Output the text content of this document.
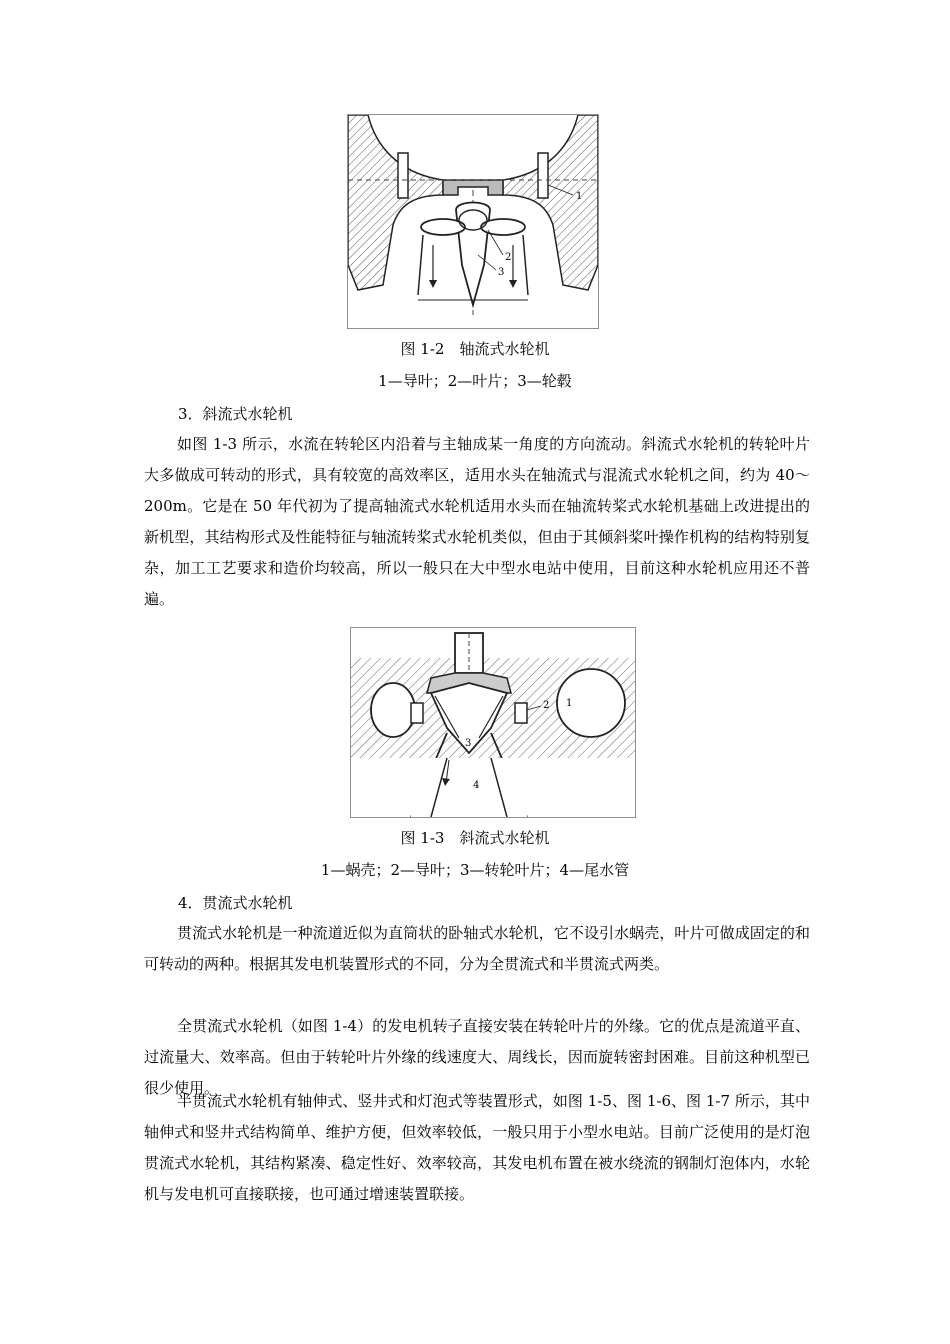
1
2
3
图 1-2　轴流式水轮机
1—导叶；2—叶片；3—轮毂
3．斜流式水轮机
如图 1-3 所示，水流在转轮区内沿着与主轴成某一角度的方向流动。斜流式水轮机的转轮叶片大多做成可转动的形式，具有较宽的高效率区，适用水头在轴流式与混流式水轮机之间，约为 40～200m。它是在 50 年代初为了提高轴流式水轮机适用水头而在轴流转桨式水轮机基础上改进提出的新机型，其结构形式及性能特征与轴流转桨式水轮机类似，但由于其倾斜桨叶操作机构的结构特别复杂，加工工艺要求和造价均较高，所以一般只在大中型水电站中使用，目前这种水轮机应用还不普遍。
1
2
3
4
图 1-3　斜流式水轮机
1—蜗壳；2—导叶；3—转轮叶片；4—尾水管
4．贯流式水轮机
贯流式水轮机是一种流道近似为直筒状的卧轴式水轮机，它不设引水蜗壳，叶片可做成固定的和可转动的两种。根据其发电机装置形式的不同，分为全贯流式和半贯流式两类。
全贯流式水轮机（如图 1-4）的发电机转子直接安装在转轮叶片的外缘。它的优点是流道平直、过流量大、效率高。但由于转轮叶片外缘的线速度大、周线长，因而旋转密封困难。目前这种机型已很少使用。
半贯流式水轮机有轴伸式、竖井式和灯泡式等装置形式，如图 1-5、图 1-6、图 1-7 所示，其中轴伸式和竖井式结构简单、维护方便，但效率较低，一般只用于小型水电站。目前广泛使用的是灯泡贯流式水轮机，其结构紧凑、稳定性好、效率较高，其发电机布置在被水绕流的钢制灯泡体内，水轮机与发电机可直接联接，也可通过增速装置联接。
